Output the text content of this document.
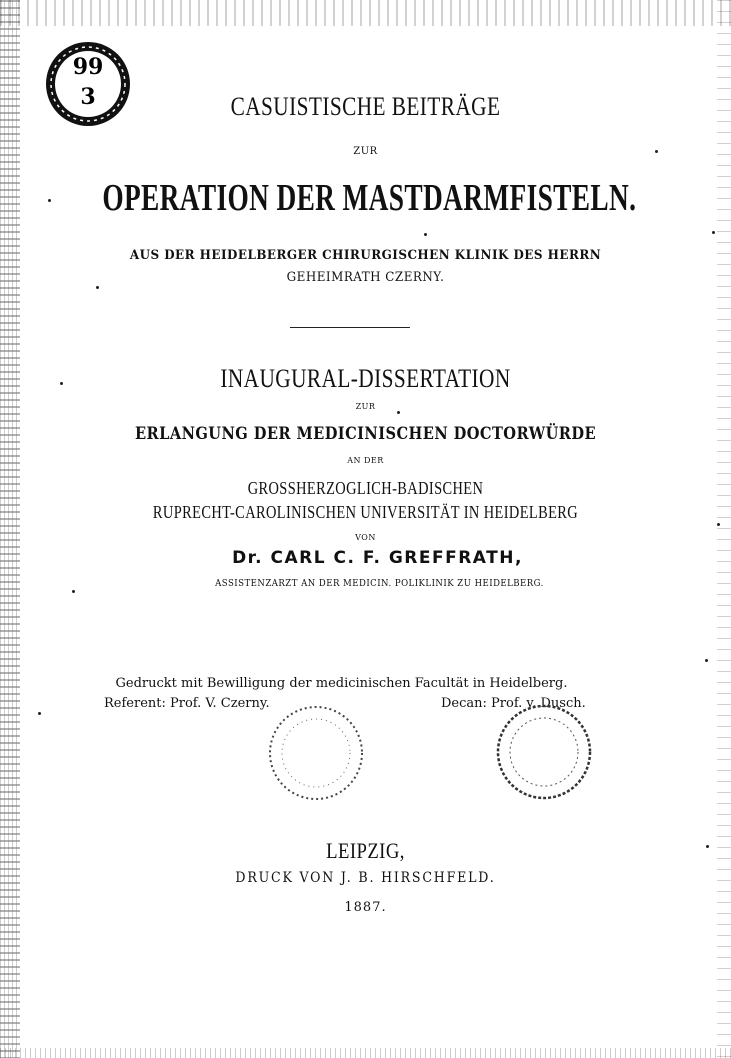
99
3	CASUISTISCHE BEITRÄGE
ZUR
OPERATION DER MASTDARMFISTELN.
AUS DER HEIDELBERGER CHIRURGISCHEN KLINIK DES HERRN
GEHEIMRATH CZERNY.
INAUGURAL-DISSERTATION
ZUR
ERLANGUNG DER MEDICINISCHEN DOCTORWÜRDE
AN DER
GROSSHERZOGLICH-BADISCHEN
RUPRECHT-CAROLINISCHEN UNIVERSITÄT IN HEIDELBERG
VON
Dr. CARL C. F. GREFFRATH,
ASSISTENZARZT AN DER MEDICIN. POLIKLINIK ZU HEIDELBERG.
Gedruckt mit Bewilligung der medicinischen Facultät in Heidelberg.
Referent: Prof. V. Czerny.	Decan: Prof. v. Dusch.
LEIPZIG,
DRUCK VON J. B. HIRSCHFELD.
1887.
